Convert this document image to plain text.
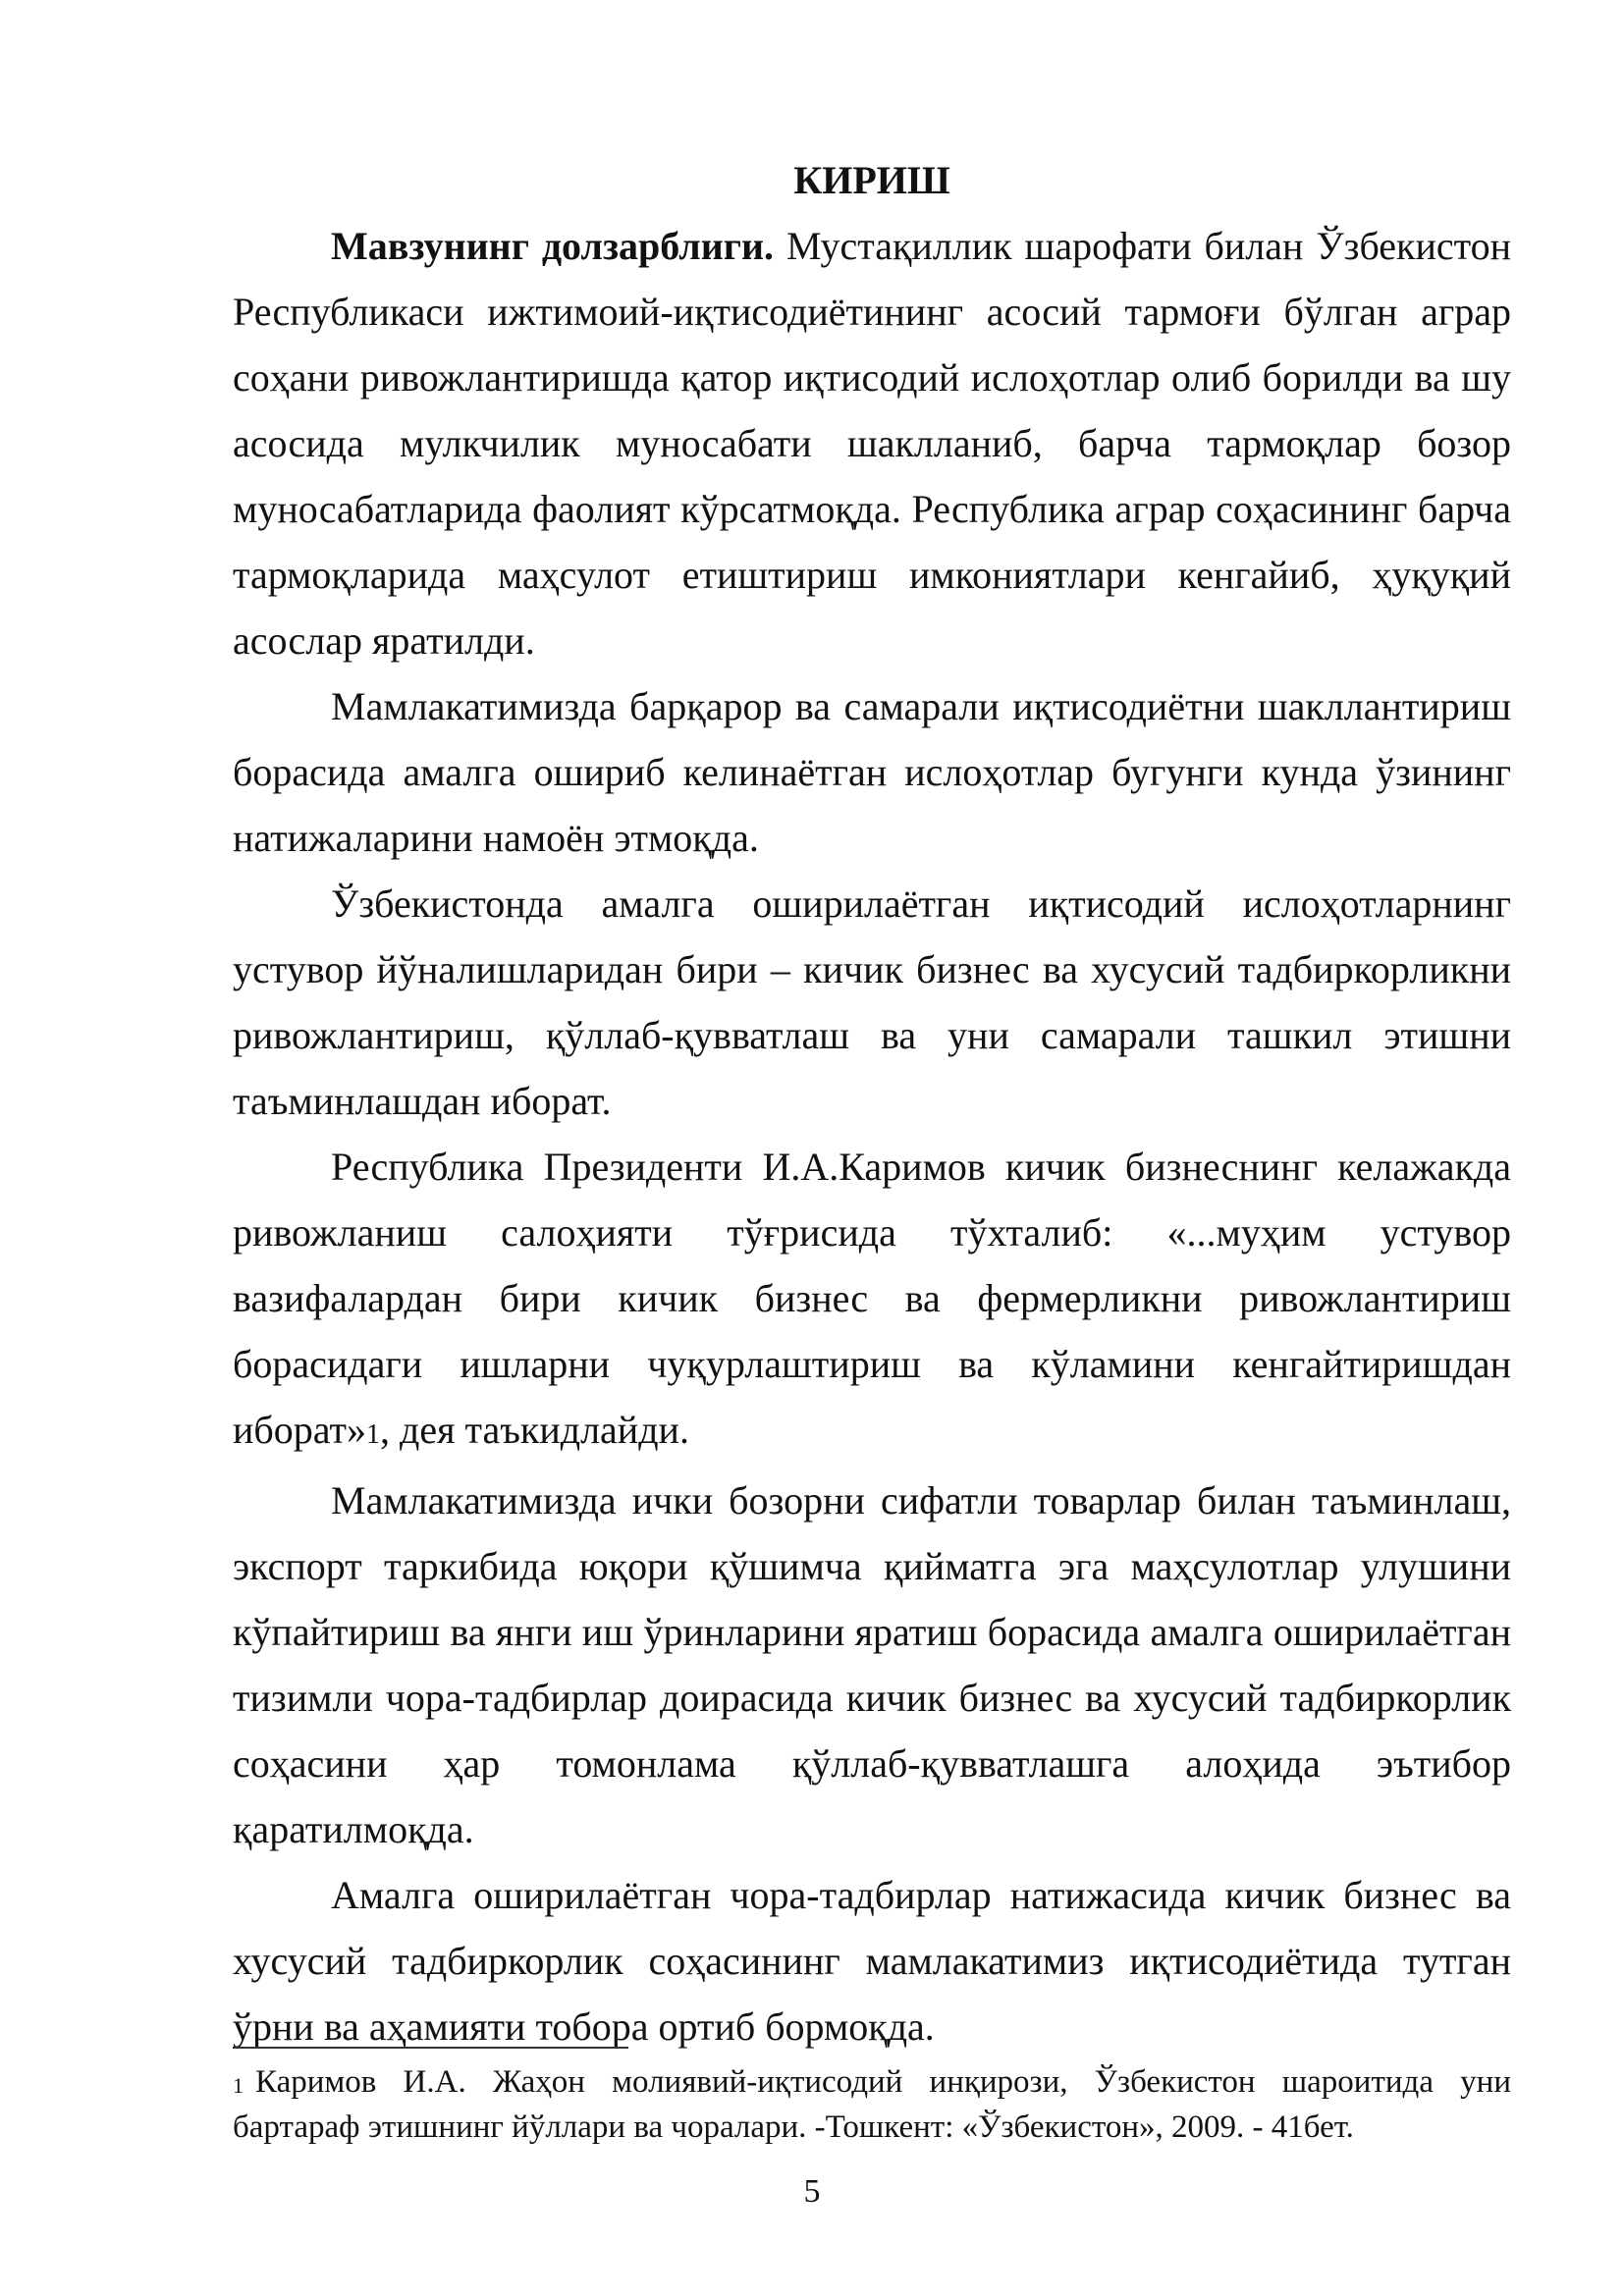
КИРИШ

Мавзунинг долзарблиги. Мустақиллик шарофати билан Ўзбекистон Республикаси ижтимоий-иқтисодиётининг асосий тармоғи бўлган аграр соҳани ривожлантиришда қатор иқтисодий ислоҳотлар олиб борилди ва шу асосида мулкчилик муносабати шаклланиб, барча тармоқлар бозор муносабатларида фаолият кўрсатмоқда. Республика аграр соҳасининг барча тармоқларида маҳсулот етиштириш имкониятлари кенгайиб, ҳуқуқий асослар яратилди.

Мамлакатимизда барқарор ва самарали иқтисодиётни шакллантириш борасида амалга ошириб келинаётган ислоҳотлар бугунги кунда ўзининг натижаларини намоён этмоқда.

Ўзбекистонда амалга оширилаётган иқтисодий ислоҳотларнинг устувор йўналишларидан бири – кичик бизнес ва хусусий тадбиркорликни ривожлантириш, қўллаб-қувватлаш ва уни самарали ташкил этишни таъминлашдан иборат.

Республика Президенти И.А.Каримов кичик бизнеснинг келажакда ривожланиш салоҳияти тўғрисида тўхталиб: «...муҳим устувор вазифалардан бири кичик бизнес ва фермерликни ривожлантириш борасидаги ишларни чуқурлаштириш ва кўламини кенгайтиришдан иборат»1, дея таъкидлайди.

Мамлакатимизда ички бозорни сифатли товарлар билан таъминлаш, экспорт таркибида юқори қўшимча қийматга эга маҳсулотлар улушини кўпайтириш ва янги иш ўринларини яратиш борасида амалга оширилаётган тизимли чора-тадбирлар доирасида кичик бизнес ва хусусий тадбиркорлик соҳасини ҳар томонлама қўллаб-қувватлашга алоҳида эътибор қаратилмоқда.

Амалга оширилаётган чора-тадбирлар натижасида кичик бизнес ва хусусий тадбиркорлик соҳасининг мамлакатимиз иқтисодиётида тутган ўрни ва аҳамияти тобора ортиб бормоқда.

$^1$ Каримов И.А. Жаҳон молиявий-иқтисодий инқирози, Ўзбекистон шароитида уни бартараф этишнинг йўллари ва чоралари. -Тошкент: «Ўзбекистон», 2009. - 41бет.
5
